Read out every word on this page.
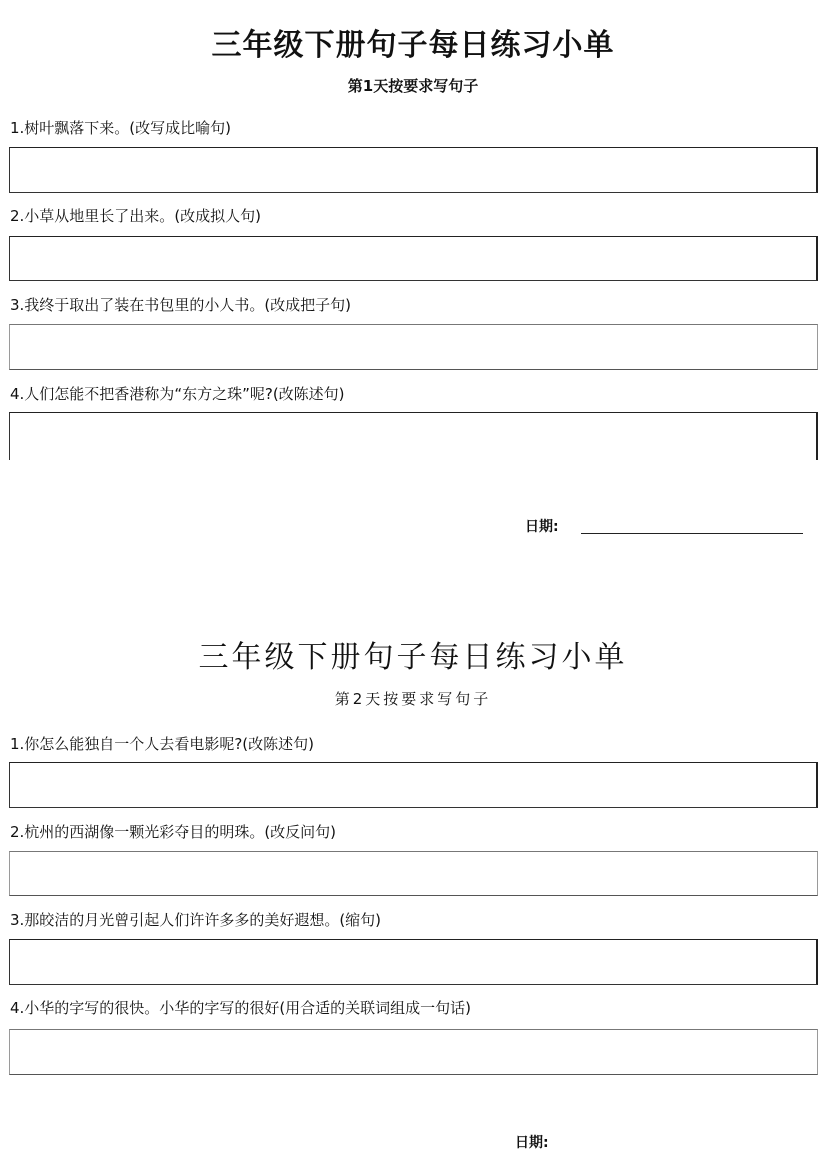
三年级下册句子每日练习小单
第1天按要求写句子
1.树叶飘落下来。(改写成比喻句)
2.小草从地里长了出来。(改成拟人句)
3.我终于取出了装在书包里的小人书。(改成把子句)
4.人们怎能不把香港称为“东方之珠”呢?(改陈述句)
日期:
三年级下册句子每日练习小单
第2天按要求写句子
1.你怎么能独自一个人去看电影呢?(改陈述句)
2.杭州的西湖像一颗光彩夺目的明珠。(改反问句)
3.那皎洁的月光曾引起人们许许多多的美好遐想。(缩句)
4.小华的字写的很快。小华的字写的很好(用合适的关联词组成一句话)
日期:
